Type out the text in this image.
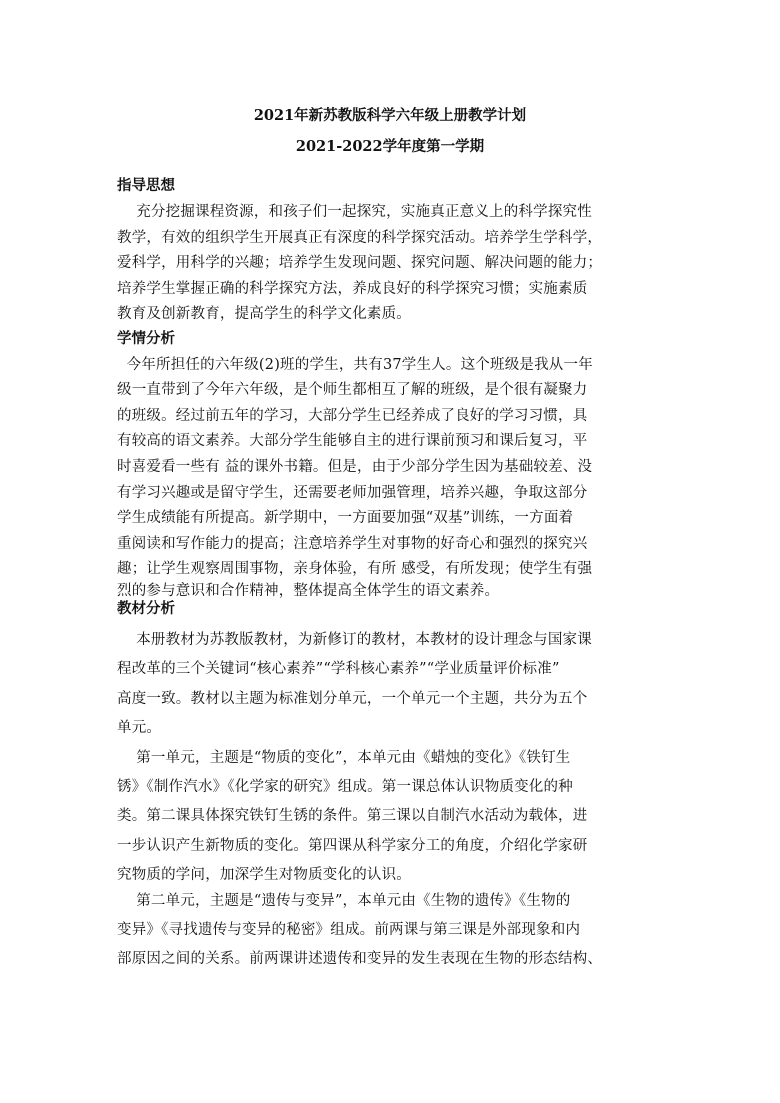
2021年新苏教版科学六年级上册教学计划
2021-2022学年度第一学期
指导思想
充分挖掘课程资源，和孩子们一起探究，实施真正意义上的科学探究性
教学，有效的组织学生开展真正有深度的科学探究活动。培养学生学科学，
爱科学，用科学的兴趣；培养学生发现问题、探究问题、解决问题的能力；
培养学生掌握正确的科学探究方法，养成良好的科学探究习惯；实施素质
教育及创新教育，提高学生的科学文化素质。
学情分析
今年所担任的六年级(2)班的学生，共有37学生人。这个班级是我从一年
级一直带到了今年六年级，是个师生都相互了解的班级，是个很有凝聚力
的班级。经过前五年的学习，大部分学生已经养成了良好的学习习惯，具
有较高的语文素养。大部分学生能够自主的进行课前预习和课后复习，平
时喜爱看一些有 益的课外书籍。但是，由于少部分学生因为基础较差、没
有学习兴趣或是留守学生，还需要老师加强管理，培养兴趣，争取这部分
学生成绩能有所提高。新学期中，一方面要加强“双基”训练，一方面着
重阅读和写作能力的提高；注意培养学生对事物的好奇心和强烈的探究兴
趣；让学生观察周围事物，亲身体验，有所 感受，有所发现；使学生有强
烈的参与意识和合作精神，整体提高全体学生的语文素养。
教材分析
本册教材为苏教版教材，为新修订的教材，本教材的设计理念与国家课
程改革的三个关键词“核心素养”“学科核心素养”“学业质量评价标准”
高度一致。教材以主题为标准划分单元，一个单元一个主题，共分为五个
单元。
第一单元，主题是“物质的变化”，本单元由《蜡烛的变化》《铁钉生
锈》《制作汽水》《化学家的研究》组成。第一课总体认识物质变化的种
类。第二课具体探究铁钉生锈的条件。第三课以自制汽水活动为载体，进
一步认识产生新物质的变化。第四课从科学家分工的角度，介绍化学家研
究物质的学问，加深学生对物质变化的认识。
第二单元，主题是“遗传与变异”，本单元由《生物的遗传》《生物的
变异》《寻找遗传与变异的秘密》组成。前两课与第三课是外部现象和内
部原因之间的关系。前两课讲述遗传和变异的发生表现在生物的形态结构、
